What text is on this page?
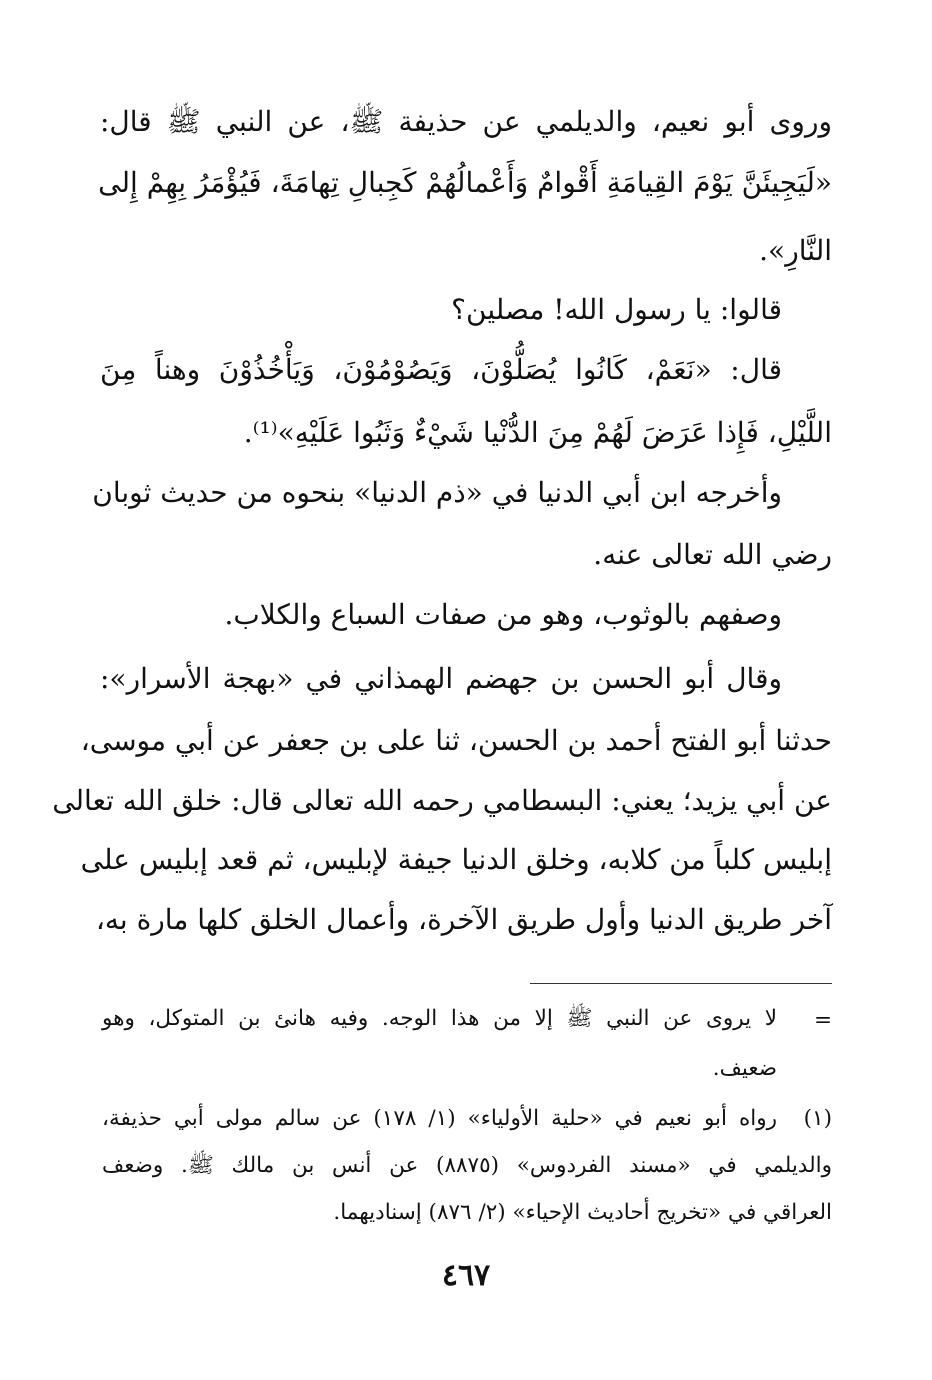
وروى أبو نعيم، والديلمي عن حذيفة ﷺ، عن النبي ﷺ قال:
«لَيَجِيئَنَّ يَوْمَ القِيامَةِ أَقْوامٌ وَأَعْمالُهُمْ كَجِبالِ تِهامَةَ، فَيُؤْمَرُ بِهِمْ إِلى
النَّارِ».
قالوا: يا رسول الله! مصلين؟
قال: «نَعَمْ، كَانُوا يُصَلُّوْنَ، وَيَصُوْمُوْنَ، وَيَأْخُذُوْنَ وهناً مِنَ
اللَّيْلِ، فَإِذا عَرَضَ لَهُمْ مِنَ الدُّنْيا شَيْءٌ وَثَبُوا عَلَيْهِ»⁽¹⁾.
وأخرجه ابن أبي الدنيا في «ذم الدنيا» بنحوه من حديث ثوبان
رضي الله تعالى عنه.
وصفهم بالوثوب، وهو من صفات السباع والكلاب.
وقال أبو الحسن بن جهضم الهمذاني في «بهجة الأسرار»:
حدثنا أبو الفتح أحمد بن الحسن، ثنا على بن جعفر عن أبي موسى،
عن أبي يزيد؛ يعني: البسطامي رحمه الله تعالى قال: خلق الله تعالى
إبليس كلباً من كلابه، وخلق الدنيا جيفة لإبليس، ثم قعد إبليس على
آخر طريق الدنيا وأول طريق الآخرة، وأعمال الخلق كلها مارة به،
=
لا يروى عن النبي ﷺ إلا من هذا الوجه. وفيه هانئ بن المتوكل، وهو
ضعيف.
(١)
رواه أبو نعيم في «حلية الأولياء» (١/ ١٧٨) عن سالم مولى أبي حذيفة،
والديلمي في «مسند الفردوس» (٨٨٧٥) عن أنس بن مالك ﷺ. وضعف
العراقي في «تخريج أحاديث الإحياء» (٢/ ٨٧٦) إسناديهما.
٤٦٧
